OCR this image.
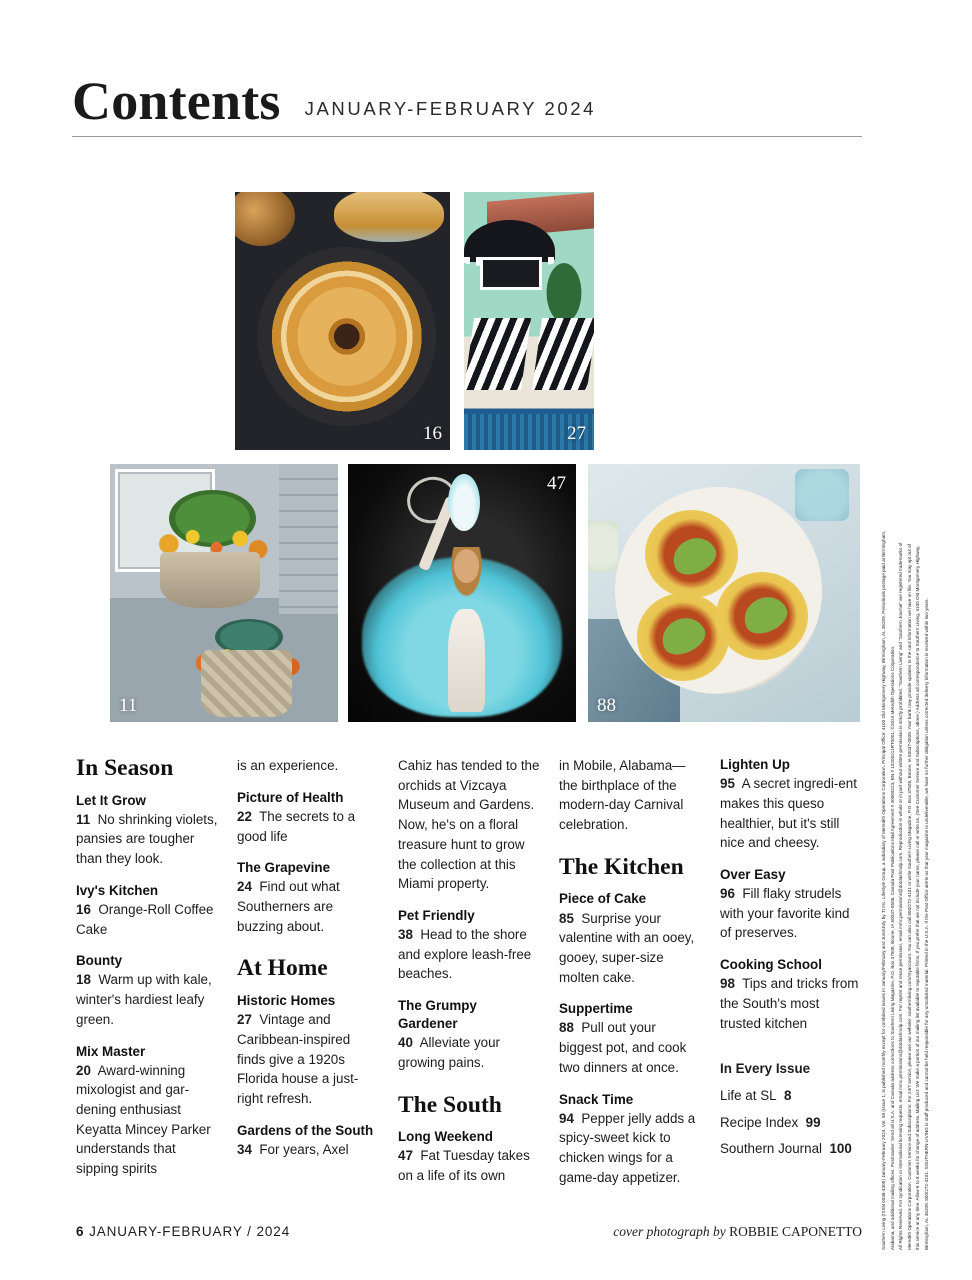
Contents JANUARY-FEBRUARY 2024
16	27
11
47
88
In Season
Let It Grow
11 No shrinking violets, pansies are tougher than they look.
Ivy's Kitchen
16 Orange-Roll Coffee Cake
Bounty
18 Warm up with kale, winter's hardiest leafy green.
Mix Master
20 Award-winning mixologist and gar-dening enthusiast Keyatta Mincey Parker understands that sipping spirits
is an experience.
Picture of Health
22 The secrets to a good life
The Grapevine
24 Find out what Southerners are buzzing about.
At Home
Historic Homes
27 Vintage and Caribbean-inspired finds give a 1920s Florida house a just-right refresh.
Gardens of the South
34 For years, Axel
Cahiz has tended to the orchids at Vizcaya Museum and Gardens. Now, he's on a floral treasure hunt to grow the collection at this Miami property.
Pet Friendly
38 Head to the shore and explore leash-free beaches.
The Grumpy Gardener
40 Alleviate your growing pains.
The South
Long Weekend
47 Fat Tuesday takes on a life of its own
in Mobile, Alabama—the birthplace of the modern-day Carnival celebration.
The Kitchen
Piece of Cake
85 Surprise your valentine with an ooey, gooey, super-size molten cake.
Suppertime
88 Pull out your biggest pot, and cook two dinners at once.
Snack Time
94 Pepper jelly adds a spicy-sweet kick to chicken wings for a game-day appetizer.
Lighten Up
95 A secret ingredi-ent makes this queso healthier, but it's still nice and cheesy.
Over Easy
96 Fill flaky strudels with your favorite kind of preserves.
Cooking School
98 Tips and tricks from the South's most trusted kitchen
In Every Issue
Life at SL 8
Recipe Index 99
Southern Journal 100
6 JANUARY-FEBRUARY / 2024	cover photograph by ROBBIE CAPONETTO	Southern Living (ISSN 0038-4305) January-February 2024, Vol. 59 (Issue 1, is published monthly except for combined issues in January/February and June/July by TI Inc. Lifestyle Group, a subsidiary of Meredith Operations Corporation. Principal Office: 4100 Old Montgomery Highway, Birmingham, AL 35209. Periodicals postage paid at Birmingham, Alabama, and additional mailing offices. Postmaster: Send all U.S.A. and Canada address corrections to Southern Living Magazine, P.O. Box 37508, Boone, IA 50037-0508. Canada Post Publications Mail Agreement # 40069223, BN # 13200211RT0001. ©2024 Meredith Operations Corporation. All Rights Reserved. For syndication or international licensing requests, email mmc.permissions@dotdashmdp.com. For reprint and reuse permission, email mmc.permissions@dotdashmdp.com. Reproduction in whole or in part without written permission is strictly prohibited. "Southern Living" and "Southern Journal" are registered trademarks of Meredith Operations Corporation. Customer Service and Subscriptions: For 24/7 service, please use our website: southernliving.com/myaccount. You can also call 800/272-4101 or write Southern Living Magazine, P.O. Box 37508, Boone, IA 50037-0508. Your bank may provide updates to the card information we have on file. You may opt out of this service at any time. Allow 6 to 8 weeks for change of address. Mailing List: We make a portion of our mailing list available to reputable firms. If you prefer that we not include your name, please call or write us. (See Customer Service and Subscriptions, above.) Address all correspondence to Southern Living, 4100 Old Montgomery Highway, Birmingham, AL 35209. 800/272-4101. SOUTHERN LIVING is staff produced and cannot be held responsible for any unsolicited material. Printed in the U.S.A. If the Post Office alerts us that your magazine is undeliverable, we have no further obligation unless corrected delivery information is received within two years.
